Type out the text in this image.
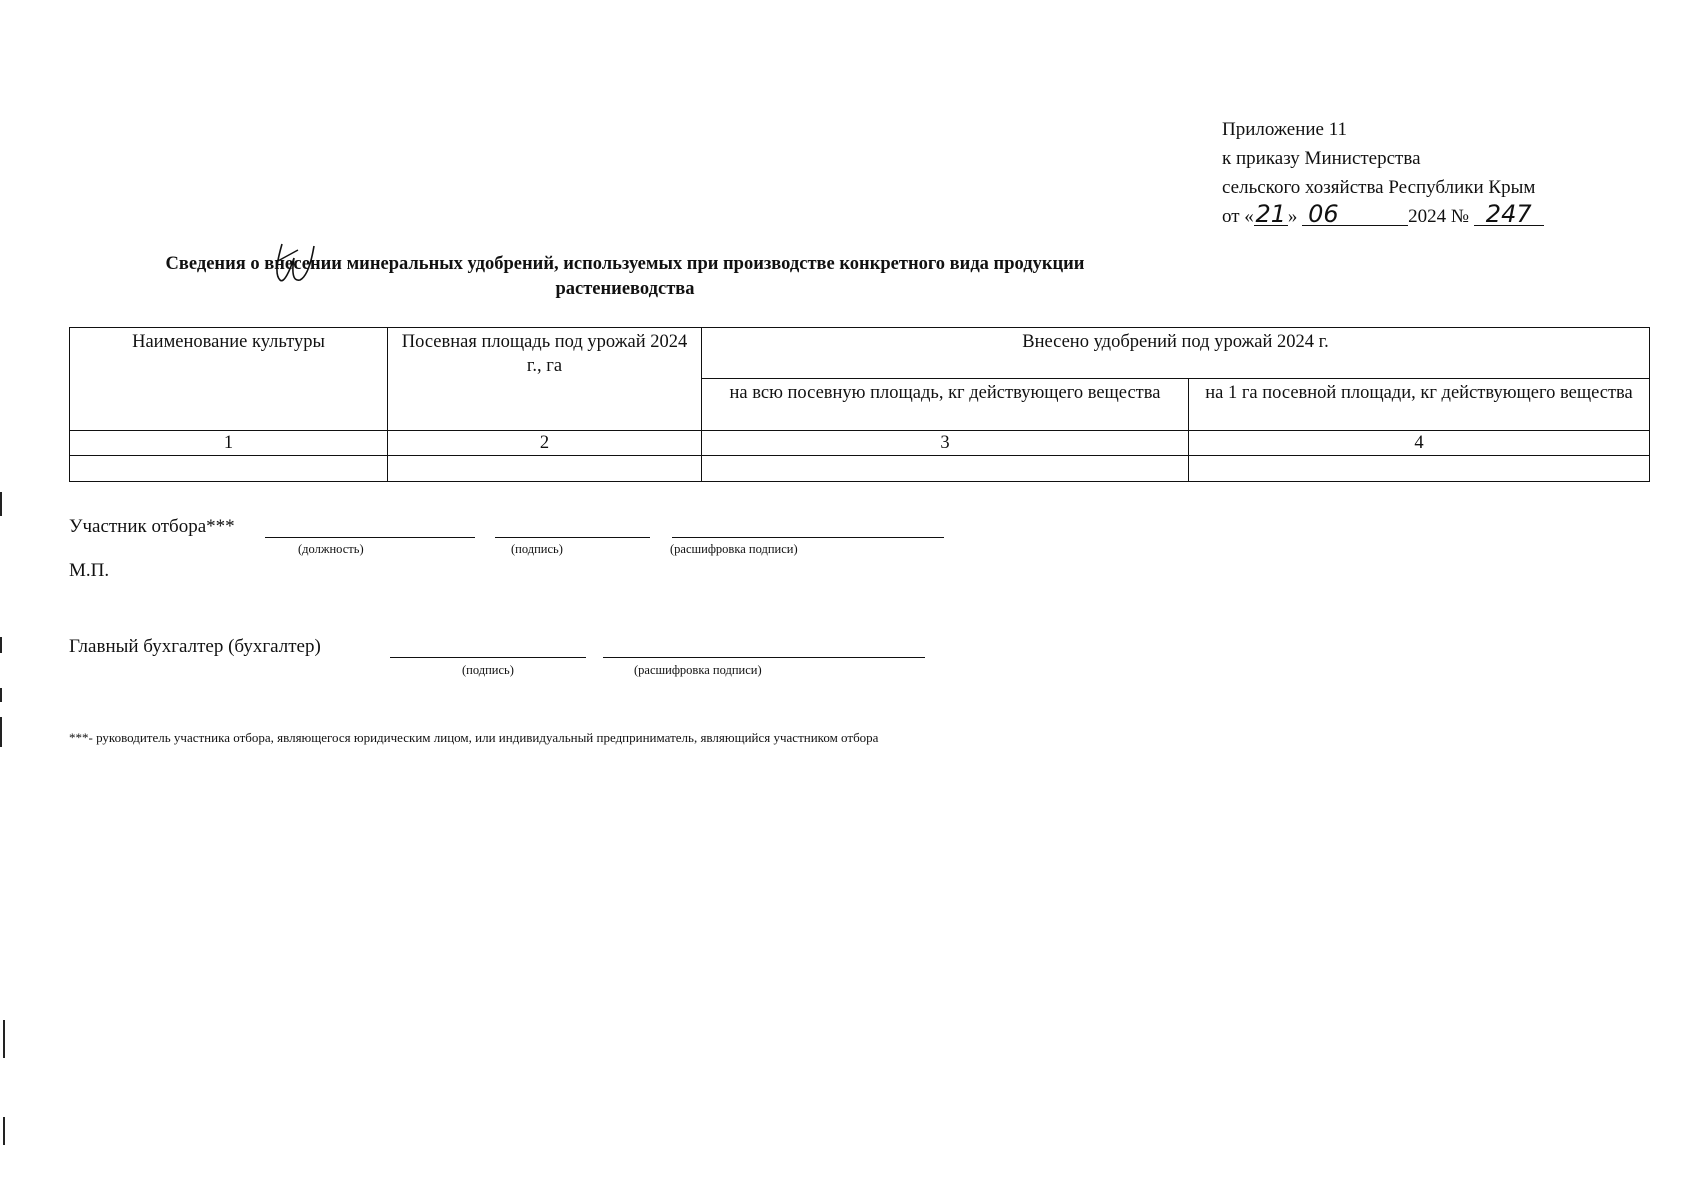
Приложение 11
к приказу Министерства
сельского хозяйства Республики Крым
от «21» 06	2024 № 247
Сведения о внесении минеральных удобрений, используемых при производстве конкретного вида продукции
растениеводства
Наименование культуры	Посевная площадь под урожай 2024 г., га	Внесено удобрений под урожай 2024 г.	
		на всю посевную площадь, кг действующего вещества	на 1 га посевной площади, кг действующего вещества
1	2	3	4

Участник отбора***
(должность)	(подпись)	(расшифровка подписи)
М.П.
Главный бухгалтер (бухгалтер)
(подпись)	(расшифровка подписи)
***- руководитель участника отбора, являющегося юридическим лицом, или индивидуальный предприниматель, являющийся участником отбора
